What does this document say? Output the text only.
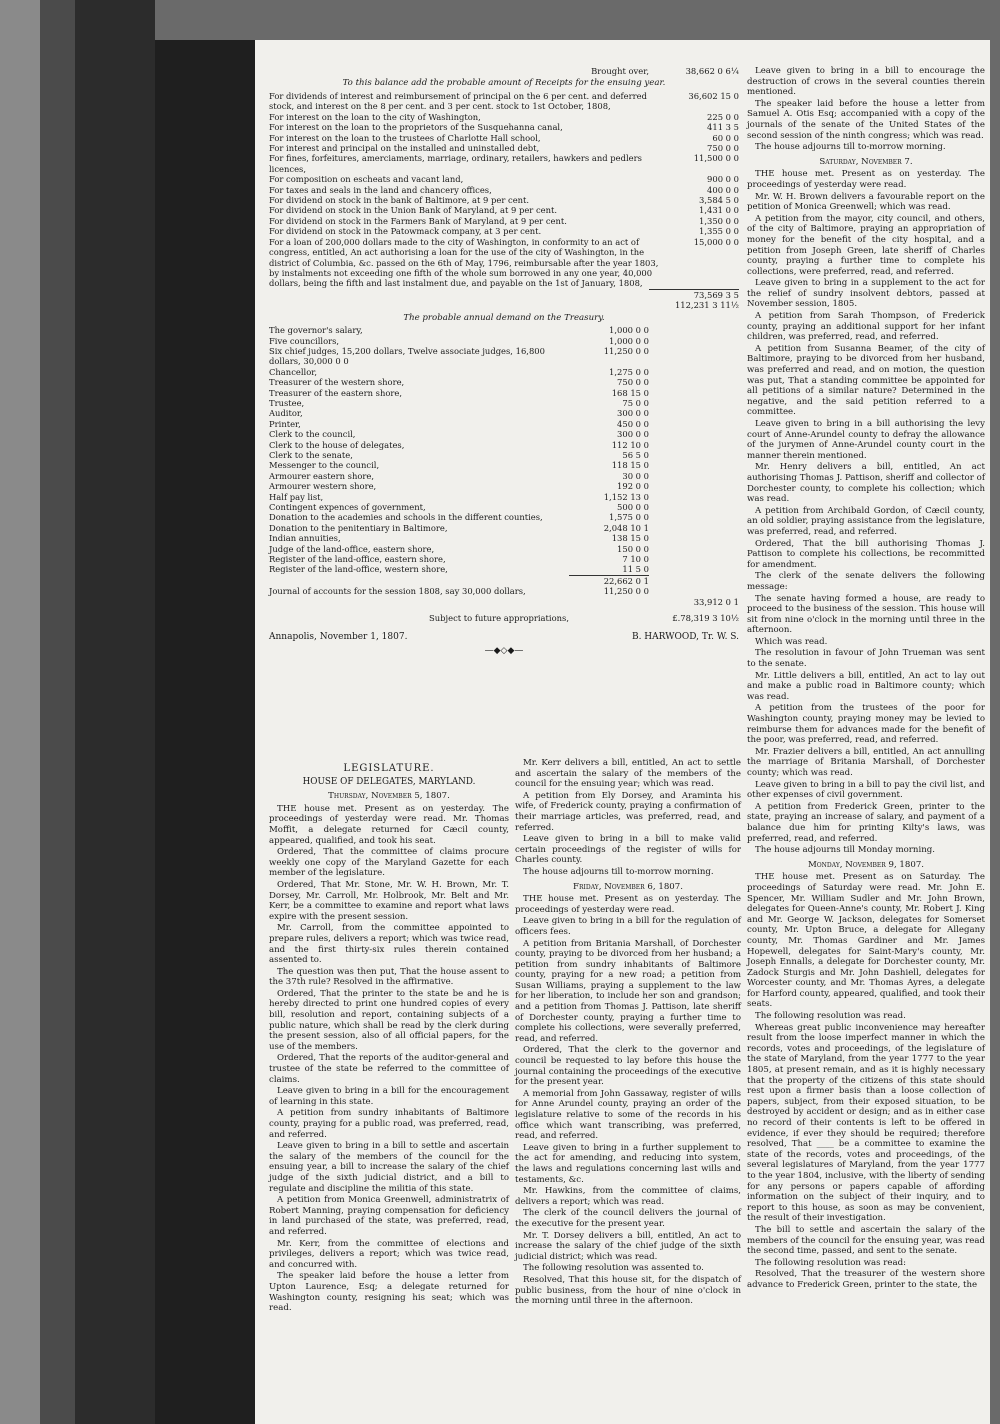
Brought over,	38,662 0 6¼
To this balance add the probable amount of Receipts for the ensuing year.
For dividends of interest and reimbursement of principal on the 6 per cent. and deferred stock, and interest on the 8 per cent. and 3 per cent. stock to 1st October, 1808,	36,602 15 0
For interest on the loan to the city of Washington,	225 0 0
For interest on the loan to the proprietors of the Susquehanna canal,	411 3 5
For interest on the loan to the trustees of Charlotte Hall school,	60 0 0
For interest and principal on the installed and uninstalled debt,	750 0 0
For fines, forfeitures, amerciaments, marriage, ordinary, retailers, hawkers and pedlers licences,	11,500 0 0
For composition on escheats and vacant land,	900 0 0
For taxes and seals in the land and chancery offices,	400 0 0
For dividend on stock in the bank of Baltimore, at 9 per cent.	3,584 5 0
For dividend on stock in the Union Bank of Maryland, at 9 per cent.	1,431 0 0
For dividend on stock in the Farmers Bank of Maryland, at 9 per cent.	1,350 0 0
For dividend on stock in the Patowmack company, at 3 per cent.	1,355 0 0
For a loan of 200,000 dollars made to the city of Washington, in conformity to an act of congress, entitled, An act authorising a loan for the use of the city of Washington, in the district of Columbia, &c. passed on the 6th of May, 1796, reimbursable after the year 1803, by instalments not exceeding one fifth of the whole sum borrowed in any one year, 40,000 dollars, being the fifth and last instalment due, and payable on the 1st of January, 1808,	15,000 0 0
	73,569 3 5
	112,231 3 11½
The probable annual demand on the Treasury.
The governor's salary,	1,000 0 0	
Five councillors,	1,000 0 0	
Six chief judges, 15,200 dollars, Twelve associate judges, 16,800 dollars, 30,000 0 0	11,250 0 0	
Chancellor,	1,275 0 0	
Treasurer of the western shore,	750 0 0	
Treasurer of the eastern shore,	168 15 0	
Trustee,	75 0 0	
Auditor,	300 0 0	
Printer,	450 0 0	
Clerk to the council,	300 0 0	
Clerk to the house of delegates,	112 10 0	
Clerk to the senate,	56 5 0	
Messenger to the council,	118 15 0	
Armourer eastern shore,	30 0 0	
Armourer western shore,	192 0 0	
Half pay list,	1,152 13 0	
Contingent expences of government,	500 0 0	
Donation to the academies and schools in the different counties,	1,575 0 0	
Donation to the penitentiary in Baltimore,	2,048 10 1	
Indian annuities,	138 15 0	
Judge of the land-office, eastern shore,	150 0 0	
Register of the land-office, eastern shore,	7 10 0	
Register of the land-office, western shore,	11 5 0	
	22,662 0 1	
Journal of accounts for the session 1808, say 30,000 dollars,	11,250 0 0	
		33,912 0 1
Subject to future appropriations,		£.78,319 3 10½
Annapolis, November 1, 1807.	B. HARWOOD, Tr. W. S.
—◆◇◆—
LEGISLATURE.
HOUSE OF DELEGATES, MARYLAND.
Thursday, November 5, 1807.

THE house met. Present as on yesterday. The proceedings of yesterday were read. Mr. Thomas Moffit, a delegate returned for Cæcil county, appeared, qualified, and took his seat.

Ordered, That the committee of claims procure weekly one copy of the Maryland Gazette for each member of the legislature.

Ordered, That Mr. Stone, Mr. W. H. Brown, Mr. T. Dorsey, Mr. Carroll, Mr. Holbrook, Mr. Belt and Mr. Kerr, be a committee to examine and report what laws expire with the present session.

Mr. Carroll, from the committee appointed to prepare rules, delivers a report; which was twice read, and the first thirty-six rules therein contained assented to.

The question was then put, That the house assent to the 37th rule? Resolved in the affirmative.

Ordered, That the printer to the state be and he is hereby directed to print one hundred copies of every bill, resolution and report, containing subjects of a public nature, which shall be read by the clerk during the present session, also of all official papers, for the use of the members.

Ordered, That the reports of the auditor-general and trustee of the state be referred to the committee of claims.

Leave given to bring in a bill for the encouragement of learning in this state.

A petition from sundry inhabitants of Baltimore county, praying for a public road, was preferred, read, and referred.

Leave given to bring in a bill to settle and ascertain the salary of the members of the council for the ensuing year, a bill to increase the salary of the chief judge of the sixth judicial district, and a bill to regulate and discipline the militia of this state.

A petition from Monica Greenwell, administratrix of Robert Manning, praying compensation for deficiency in land purchased of the state, was preferred, read, and referred.

Mr. Kerr, from the committee of elections and privileges, delivers a report; which was twice read, and concurred with.

The speaker laid before the house a letter from Upton Laurence, Esq; a delegate returned for Washington county, resigning his seat; which was read.

Mr. Kerr delivers a bill, entitled, An act to settle and ascertain the salary of the members of the council for the ensuing year; which was read.

A petition from Ely Dorsey, and Araminta his wife, of Frederick county, praying a confirmation of their marriage articles, was preferred, read, and referred.

Leave given to bring in a bill to make valid certain proceedings of the register of wills for Charles county.

The house adjourns till to-morrow morning.

Friday, November 6, 1807.

THE house met. Present as on yesterday. The proceedings of yesterday were read.

Leave given to bring in a bill for the regulation of officers fees.

A petition from Britania Marshall, of Dorchester county, praying to be divorced from her husband; a petition from sundry inhabitants of Baltimore county, praying for a new road; a petition from Susan Williams, praying a supplement to the law for her liberation, to include her son and grandson; and a petition from Thomas J. Pattison, late sheriff of Dorchester county, praying a further time to complete his collections, were severally preferred, read, and referred.

Ordered, That the clerk to the governor and council be requested to lay before this house the journal containing the proceedings of the executive for the present year.

A memorial from John Gassaway, register of wills for Anne Arundel county, praying an order of the legislature relative to some of the records in his office which want transcribing, was preferred, read, and referred.

Leave given to bring in a further supplement to the act for amending, and reducing into system, the laws and regulations concerning last wills and testaments, &c.

Mr. Hawkins, from the committee of claims, delivers a report; which was read.

The clerk of the council delivers the journal of the executive for the present year.

Mr. T. Dorsey delivers a bill, entitled, An act to increase the salary of the chief judge of the sixth judicial district; which was read.

The following resolution was assented to.

Resolved, That this house sit, for the dispatch of public business, from the hour of nine o'clock in the morning until three in the afternoon.

Leave given to bring in a bill to encourage the destruction of crows in the several counties therein mentioned.

The speaker laid before the house a letter from Samuel A. Otis Esq; accompanied with a copy of the journals of the senate of the United States of the second session of the ninth congress; which was read.

The house adjourns till to-morrow morning.

Saturday, November 7.

THE house met. Present as on yesterday. The proceedings of yesterday were read.

Mr. W. H. Brown delivers a favourable report on the petition of Monica Greenwell; which was read.

A petition from the mayor, city council, and others, of the city of Baltimore, praying an appropriation of money for the benefit of the city hospital, and a petition from Joseph Green, late sheriff of Charles county, praying a further time to complete his collections, were preferred, read, and referred.

Leave given to bring in a supplement to the act for the relief of sundry insolvent debtors, passed at November session, 1805.

A petition from Sarah Thompson, of Frederick county, praying an additional support for her infant children, was preferred, read, and referred.

A petition from Susanna Beamer, of the city of Baltimore, praying to be divorced from her husband, was preferred and read, and on motion, the question was put, That a standing committee be appointed for all petitions of a similar nature? Determined in the negative, and the said petition referred to a committee.

Leave given to bring in a bill authorising the levy court of Anne-Arundel county to defray the allowance of the jurymen of Anne-Arundel county court in the manner therein mentioned.

Mr. Henry delivers a bill, entitled, An act authorising Thomas J. Pattison, sheriff and collector of Dorchester county, to complete his collection; which was read.

A petition from Archibald Gordon, of Cæcil county, an old soldier, praying assistance from the legislature, was preferred, read, and referred.

Ordered, That the bill authorising Thomas J. Pattison to complete his collections, be recommitted for amendment.

The clerk of the senate delivers the following message:

The senate having formed a house, are ready to proceed to the business of the session. This house will sit from nine o'clock in the morning until three in the afternoon.

Which was read.

The resolution in favour of John Trueman was sent to the senate.

Mr. Little delivers a bill, entitled, An act to lay out and make a public road in Baltimore county; which was read.

A petition from the trustees of the poor for Washington county, praying money may be levied to reimburse them for advances made for the benefit of the poor, was preferred, read, and referred.

Mr. Frazier delivers a bill, entitled, An act annulling the marriage of Britania Marshall, of Dorchester county; which was read.

Leave given to bring in a bill to pay the civil list, and other expenses of civil government.

A petition from Frederick Green, printer to the state, praying an increase of salary, and payment of a balance due him for printing Kilty's laws, was preferred, read, and referred.

The house adjourns till Monday morning.

Monday, November 9, 1807.

THE house met. Present as on Saturday. The proceedings of Saturday were read. Mr. John E. Spencer, Mr. William Sudler and Mr. John Brown, delegates for Queen-Anne's county, Mr. Robert J. King and Mr. George W. Jackson, delegates for Somerset county, Mr. Upton Bruce, a delegate for Allegany county, Mr. Thomas Gardiner and Mr. James Hopewell, delegates for Saint-Mary's county, Mr. Joseph Ennalls, a delegate for Dorchester county, Mr. Zadock Sturgis and Mr. John Dashiell, delegates for Worcester county, and Mr. Thomas Ayres, a delegate for Harford county, appeared, qualified, and took their seats.

The following resolution was read.

Whereas great public inconvenience may hereafter result from the loose imperfect manner in which the records, votes and proceedings, of the legislature of the state of Maryland, from the year 1777 to the year 1805, at present remain, and as it is highly necessary that the property of the citizens of this state should rest upon a firmer basis than a loose collection of papers, subject, from their exposed situation, to be destroyed by accident or design; and as in either case no record of their contents is left to be offered in evidence, if ever they should be required; therefore resolved, That ____ be a committee to examine the state of the records, votes and proceedings, of the several legislatures of Maryland, from the year 1777 to the year 1804, inclusive, with the liberty of sending for any persons or papers capable of affording information on the subject of their inquiry, and to report to this house, as soon as may be convenient, the result of their investigation.

The bill to settle and ascertain the salary of the members of the council for the ensuing year, was read the second time, passed, and sent to the senate.

The following resolution was read:

Resolved, That the treasurer of the western shore advance to Frederick Green, printer to the state, the
